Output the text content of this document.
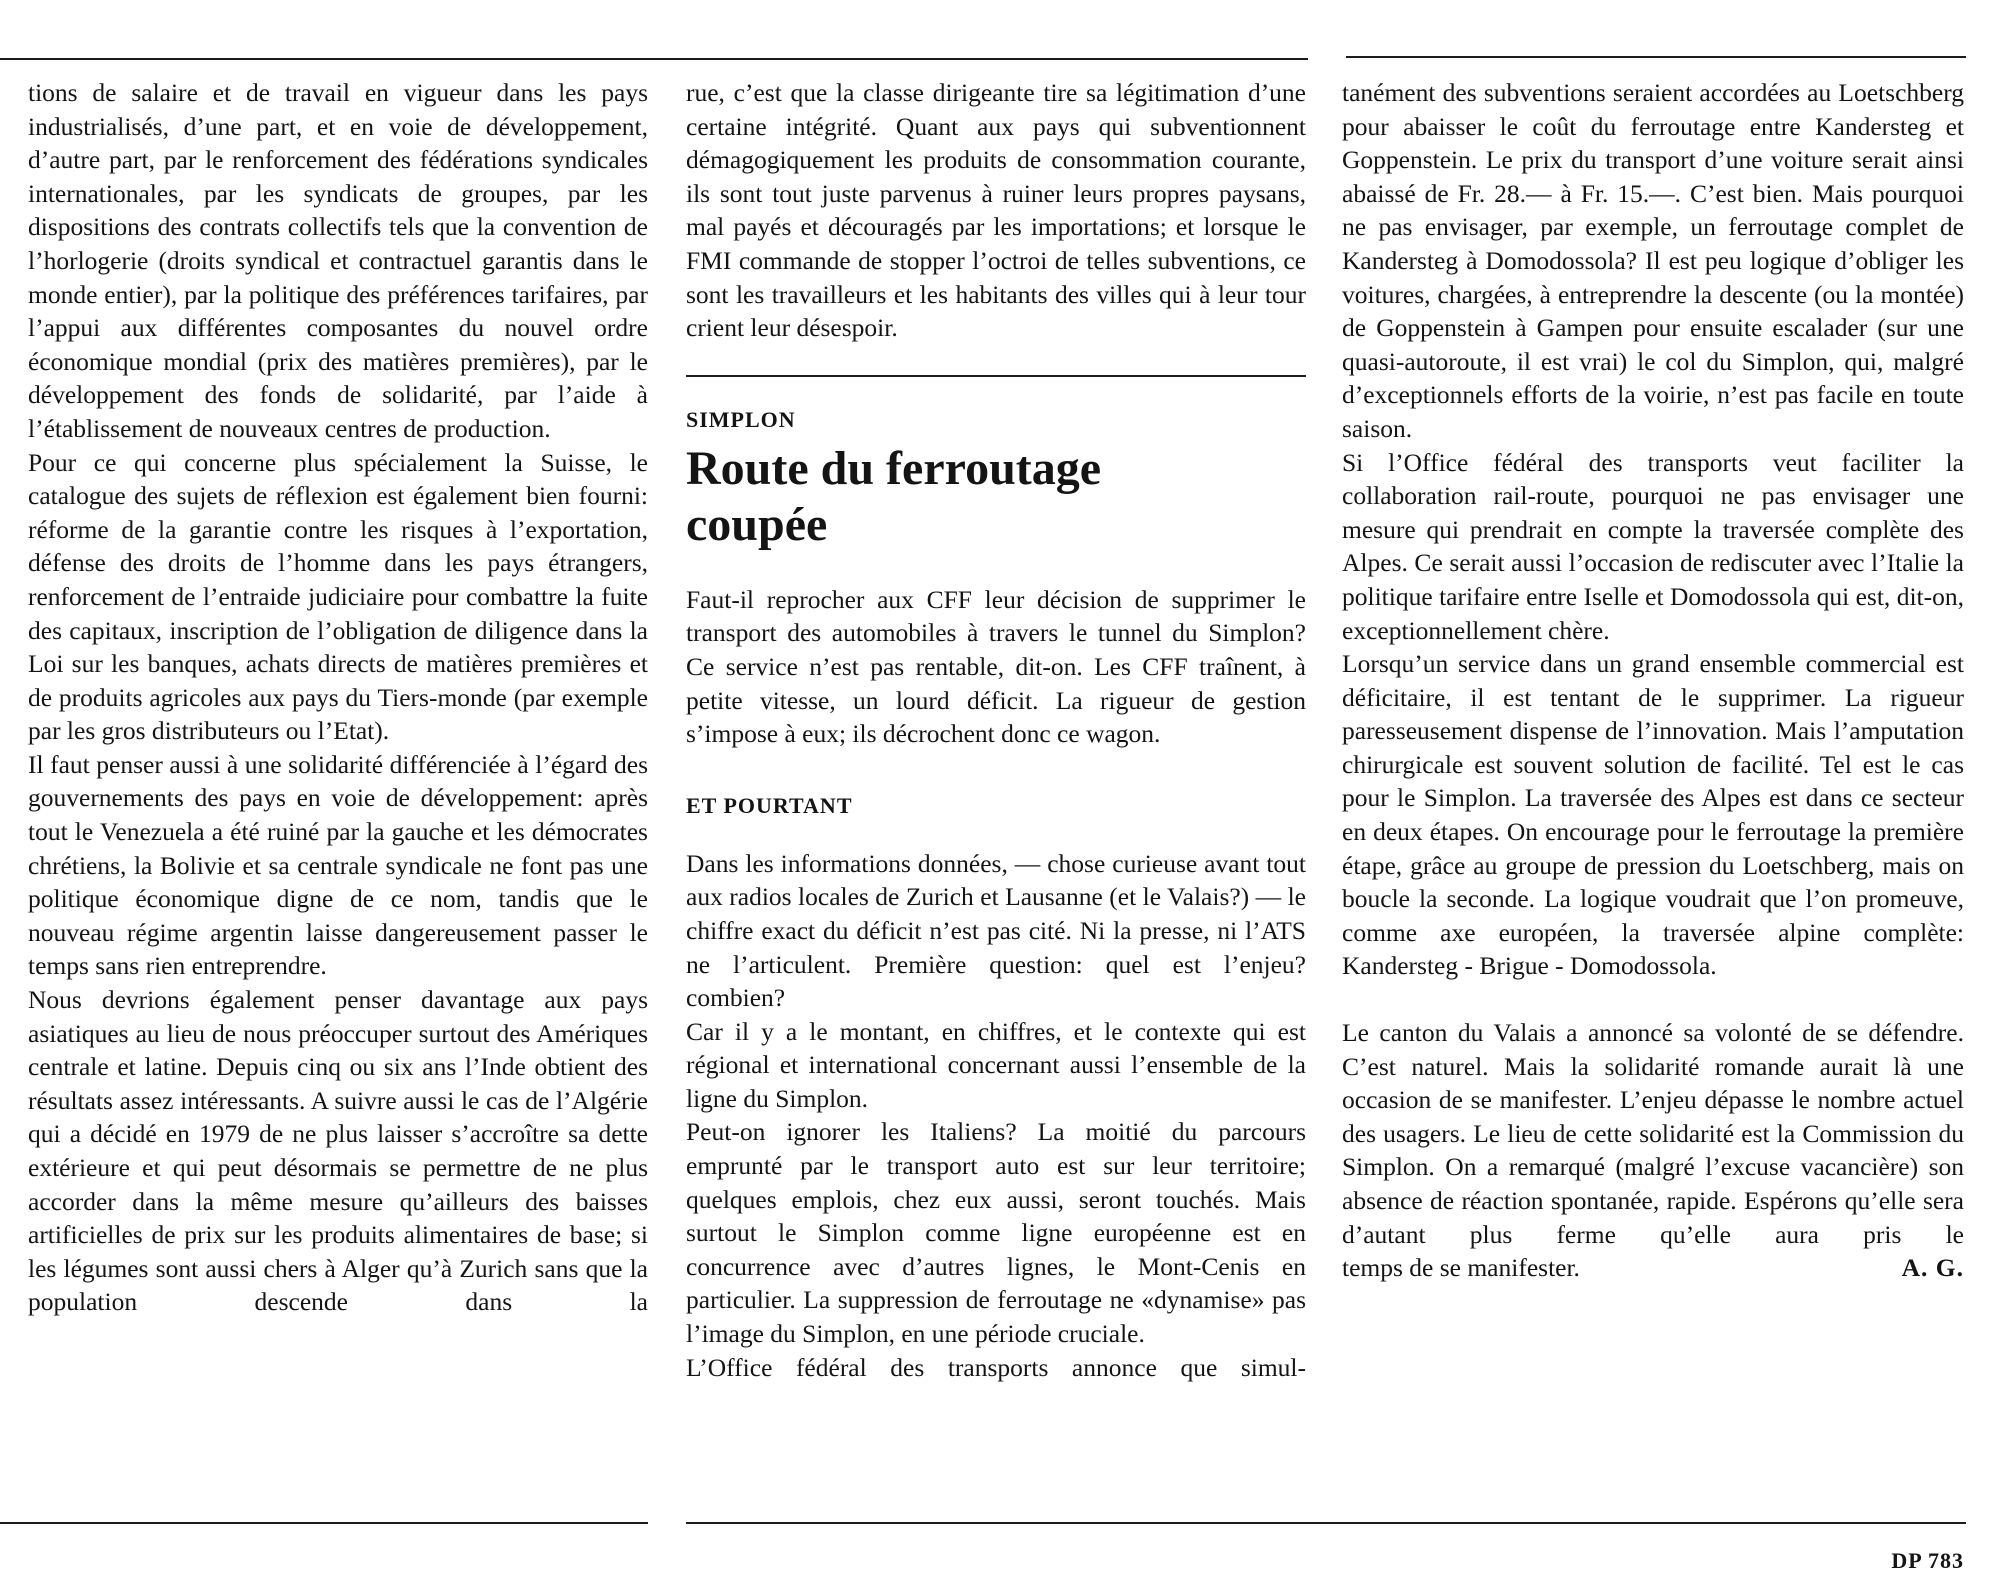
tions de salaire et de travail en vigueur dans les pays industrialisés, d’une part, et en voie de développement, d’autre part, par le renforcement des fédérations syndicales internationales, par les syndicats de groupes, par les dispositions des contrats collectifs tels que la convention de l’horlogerie (droits syndical et contractuel garantis dans le monde entier), par la politique des préférences tarifaires, par l’appui aux différentes composantes du nouvel ordre économique mondial (prix des matières premières), par le développement des fonds de solidarité, par l’aide à l’établissement de nouveaux centres de production.

Pour ce qui concerne plus spécialement la Suisse, le catalogue des sujets de réflexion est également bien fourni: réforme de la garantie contre les risques à l’exportation, défense des droits de l’homme dans les pays étrangers, renforcement de l’entraide judiciaire pour combattre la fuite des capitaux, inscription de l’obligation de diligence dans la Loi sur les banques, achats directs de matières premières et de produits agricoles aux pays du Tiers-monde (par exemple par les gros distributeurs ou l’Etat).

Il faut penser aussi à une solidarité différenciée à l’égard des gouvernements des pays en voie de développement: après tout le Venezuela a été ruiné par la gauche et les démocrates chrétiens, la Bolivie et sa centrale syndicale ne font pas une politique économique digne de ce nom, tandis que le nouveau régime argentin laisse dangereusement passer le temps sans rien entreprendre.

Nous devrions également penser davantage aux pays asiatiques au lieu de nous préoccuper surtout des Amériques centrale et latine. Depuis cinq ou six ans l’Inde obtient des résultats assez intéressants. A suivre aussi le cas de l’Algérie qui a décidé en 1979 de ne plus laisser s’accroître sa dette extérieure et qui peut désormais se permettre de ne plus accorder dans la même mesure qu’ailleurs des baisses artificielles de prix sur les produits alimentaires de base; si les légumes sont aussi chers à Alger qu’à Zurich sans que la population descende dans la

rue, c’est que la classe dirigeante tire sa légitimation d’une certaine intégrité. Quant aux pays qui subventionnent démagogiquement les produits de consommation courante, ils sont tout juste parvenus à ruiner leurs propres paysans, mal payés et découragés par les importations; et lorsque le FMI commande de stopper l’octroi de telles subventions, ce sont les travailleurs et les habitants des villes qui à leur tour crient leur désespoir.

SIMPLON

Route du ferroutage
coupée

Faut-il reprocher aux CFF leur décision de supprimer le transport des automobiles à travers le tunnel du Simplon? Ce service n’est pas rentable, dit-on. Les CFF traînent, à petite vitesse, un lourd déficit. La rigueur de gestion s’impose à eux; ils décrochent donc ce wagon.

ET POURTANT

Dans les informations données, — chose curieuse avant tout aux radios locales de Zurich et Lausanne (et le Valais?) — le chiffre exact du déficit n’est pas cité. Ni la presse, ni l’ATS ne l’articulent. Première question: quel est l’enjeu? combien?

Car il y a le montant, en chiffres, et le contexte qui est régional et international concernant aussi l’ensemble de la ligne du Simplon.

Peut-on ignorer les Italiens? La moitié du parcours emprunté par le transport auto est sur leur territoire; quelques emplois, chez eux aussi, seront touchés. Mais surtout le Simplon comme ligne européenne est en concurrence avec d’autres lignes, le Mont-Cenis en particulier. La suppression de ferroutage ne «dynamise» pas l’image du Simplon, en une période cruciale.

L’Office fédéral des transports annonce que simul-

tanément des subventions seraient accordées au Loetschberg pour abaisser le coût du ferroutage entre Kandersteg et Goppenstein. Le prix du transport d’une voiture serait ainsi abaissé de Fr. 28.— à Fr. 15.—. C’est bien. Mais pourquoi ne pas envisager, par exemple, un ferroutage complet de Kandersteg à Domodossola? Il est peu logique d’obliger les voitures, chargées, à entreprendre la descente (ou la montée) de Goppenstein à Gampen pour ensuite escalader (sur une quasi-autoroute, il est vrai) le col du Simplon, qui, malgré d’exceptionnels efforts de la voirie, n’est pas facile en toute saison.

Si l’Office fédéral des transports veut faciliter la collaboration rail-route, pourquoi ne pas envisager une mesure qui prendrait en compte la traversée complète des Alpes. Ce serait aussi l’occasion de rediscuter avec l’Italie la politique tarifaire entre Iselle et Domodossola qui est, dit-on, exceptionnellement chère.

Lorsqu’un service dans un grand ensemble commercial est déficitaire, il est tentant de le supprimer. La rigueur paresseusement dispense de l’innovation. Mais l’amputation chirurgicale est souvent solution de facilité. Tel est le cas pour le Simplon. La traversée des Alpes est dans ce secteur en deux étapes. On encourage pour le ferroutage la première étape, grâce au groupe de pression du Loetschberg, mais on boucle la seconde. La logique voudrait que l’on promeuve, comme axe européen, la traversée alpine complète: Kandersteg - Brigue - Domodossola.

Le canton du Valais a annoncé sa volonté de se défendre. C’est naturel. Mais la solidarité romande aurait là une occasion de se manifester. L’enjeu dépasse le nombre actuel des usagers. Le lieu de cette solidarité est la Commission du Simplon. On a remarqué (malgré l’excuse vacancière) son absence de réaction spontanée, rapide. Espérons qu’elle sera d’autant plus ferme qu’elle aura pris le

temps de se manifester.	A. G.
DP 783
